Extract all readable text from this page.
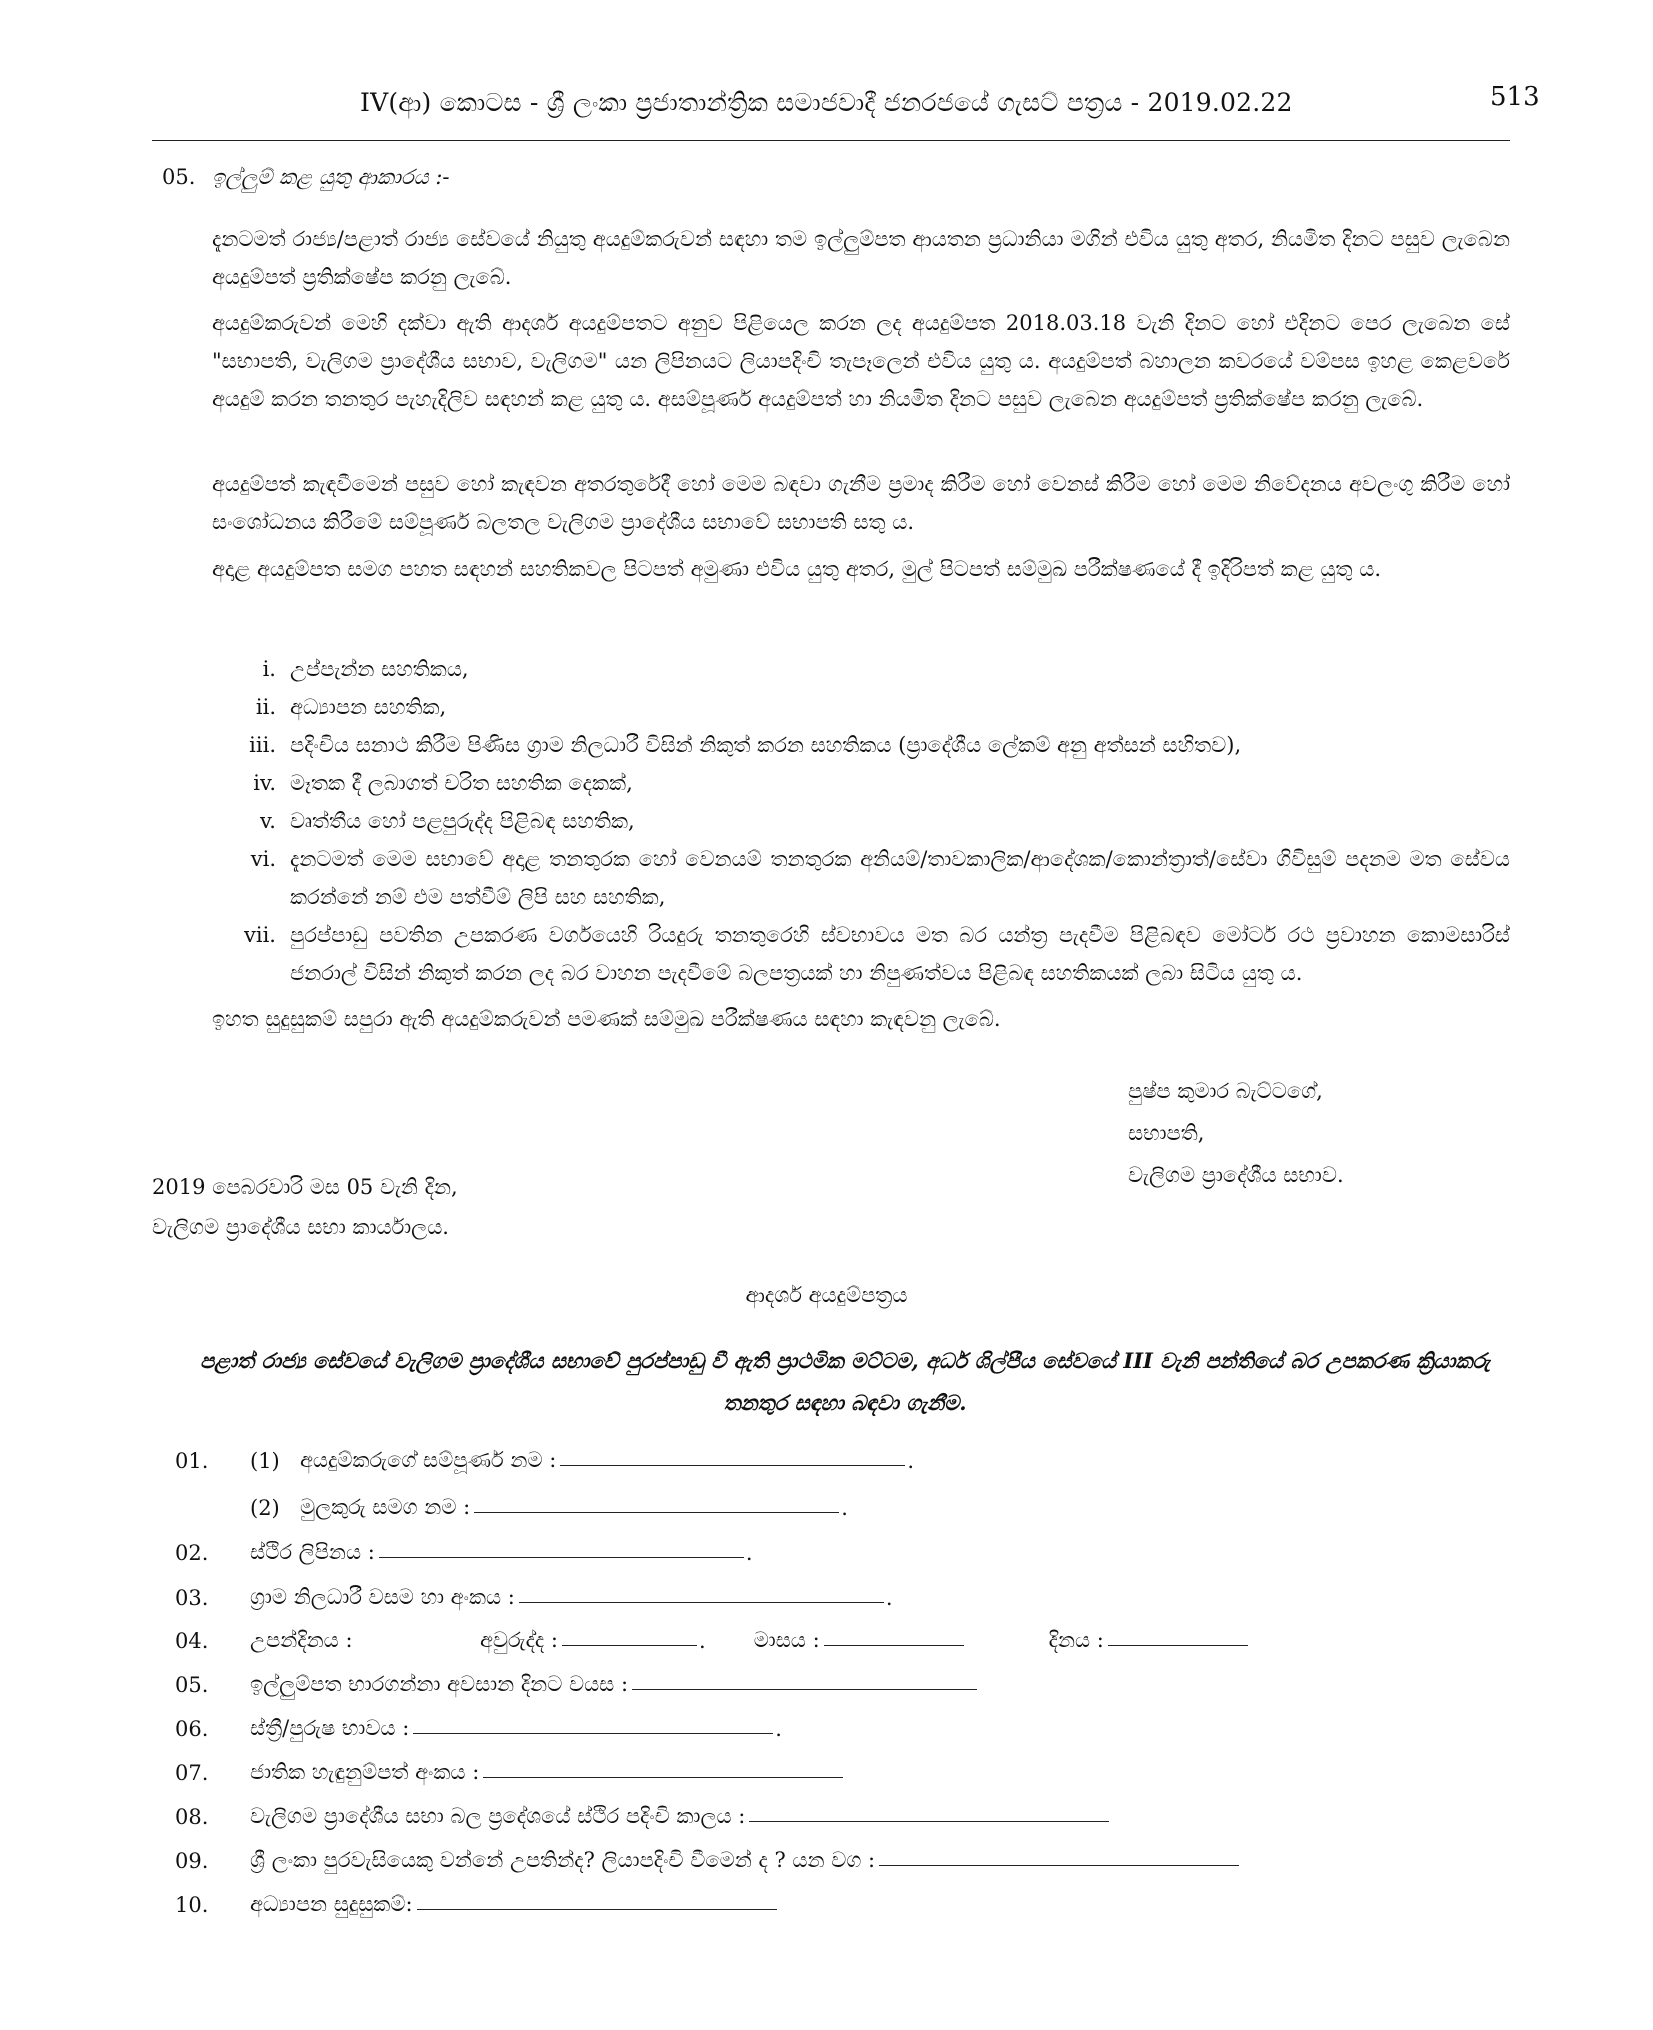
IV(ආ) කොටස - ශ්‍රී ලංකා ප්‍රජාතාන්ත්‍රික සමාජවාදී ජනරජයේ ගැසට් පත්‍රය - 2019.02.22	513
05. ඉල්ලුම් කළ යුතු ආකාරය :-
දැනටමත් රාජ්‍ය/පළාත් රාජ්‍ය සේවයේ නියුතු අයදුම්කරුවන් සඳහා තම ඉල්ලුම්පත ආයතන ප්‍රධානියා මගින් එවිය යුතු අතර, නියමිත දිනට පසුව ලැබෙන අයදුම්පත් ප්‍රතික්ෂේප කරනු ලැබේ.
අයදුම්කරුවන් මෙහි දක්වා ඇති ආදර්ශ අයදුම්පතට අනුව පිළියෙල කරන ලද අයදුම්පත 2018.03.18 වැනි දිනට හෝ එදිනට පෙර ලැබෙන සේ "සභාපති, වැලිගම ප්‍රාදේශීය සභාව, වැලිගම" යන ලිපිනයට ලියාපදිංචි තැපෑලෙන් එවිය යුතු ය. අයදුම්පත් බහාලන කවරයේ වම්පස ඉහළ කෙළවරේ අයදුම් කරන තනතුර පැහැදිලිව සඳහන් කළ යුතු ය. අසම්පූර්ණ අයදුම්පත් හා නියමිත දිනට පසුව ලැබෙන අයදුම්පත් ප්‍රතික්ෂේප කරනු ලැබේ.
අයදුම්පත් කැඳවීමෙන් පසුව හෝ කැඳවන අතරතුරේදී හෝ මෙම බඳවා ගැනීම ප්‍රමාද කිරීම හෝ වෙනස් කිරීම හෝ මෙම නිවේදනය අවලංගු කිරීම හෝ සංශෝධනය කිරීමේ සම්පූර්ණ බලතල වැලිගම ප්‍රාදේශීය සභාවේ සභාපති සතු ය.
අදාළ අයදුම්පත සමග පහත සඳහන් සහතිකවල පිටපත් අමුණා එවිය යුතු අතර, මුල් පිටපත් සම්මුඛ පරීක්ෂණයේ දී ඉදිරිපත් කළ යුතු ය.
i. උප්පැන්න සහතිකය,
ii. අධ්‍යාපන සහතික,
iii. පදිංචිය සනාථ කිරීම පිණිස ග්‍රාම නිලධාරී විසින් නිකුත් කරන සහතිකය (ප්‍රාදේශීය ලේකම් අනු අත්සන් සහිතව),
iv. මෑතක දී ලබාගත් චරිත සහතික දෙකක්,
v. වෘත්තීය හෝ පළපුරුද්ද පිළිබඳ සහතික,
vi. දැනටමත් මෙම සභාවේ අදාළ තනතුරක හෝ වෙනයම් තනතුරක අනියම්/තාවකාලික/ආදේශක/කොන්ත්‍රාත්/සේවා ගිවිසුම් පදනම මත සේවය කරන්නේ නම් එම පත්වීම් ලිපි සහ සහතික,
vii. පුරප්පාඩු පවතින උපකරණ වර්ගයෙහි රියදුරු තනතුරෙහි ස්වභාවය මත බර යන්ත්‍ර පැදවීම පිළිබඳව මෝටර් රථ ප්‍රවාහන කොමසාරිස් ජනරාල් විසින් නිකුත් කරන ලද බර වාහන පැදවීමේ බලපත්‍රයක් හා නිපුණත්වය පිළිබඳ සහතිකයක් ලබා සිටිය යුතු ය.
ඉහත සුදුසුකම් සපුරා ඇති අයදුම්කරුවන් පමණක් සම්මුඛ පරීක්ෂණය සඳහා කැඳවනු ලැබේ.
පුෂ්ප කුමාර බැට්ටගේ,
සභාපති,
වැලිගම ප්‍රාදේශීය සභාව.
2019 පෙබරවාරි මස 05 වැනි දින,
වැලිගම ප්‍රාදේශීය සභා කාර්යාලය.
ආදර්ශ අයදුම්පත්‍රය
පළාත් රාජ්‍ය සේවයේ වැලිගම ප්‍රාදේශීය සභාවේ පුරප්පාඩු වී ඇති ප්‍රාථමික මට්ටම, අර්ධ ශිල්පීය සේවයේ III වැනි පන්තියේ බර උපකරණ ක්‍රියාකරු තනතුර සඳහා බඳවා ගැනීම.
01.	(1) අයදුම්කරුගේ සම්පූර්ණ නම :	.
(2) මුලකුරු සමග නම :	.
02.	ස්ථිර ලිපිනය :	.
03.	ග්‍රාම නිලධාරී වසම හා අංකය :	.
04.	උපන්දිනය :	අවුරුද්ද :	. මාසය :	දිනය :
05.	ඉල්ලුම්පත භාරගන්නා අවසාන දිනට වයස :
06.	ස්ත්‍රී/පුරුෂ භාවය :	.
07.	ජාතික හැඳුනුම්පත් අංකය :
08.	වැලිගම ප්‍රාදේශීය සභා බල ප්‍රදේශයේ ස්ථිර පදිංචි කාලය :
09.	ශ්‍රී ලංකා පුරවැසියෙකු වන්නේ උපතින්ද? ලියාපදිංචි වීමෙන් ද ? යන වග :
10.	අධ්‍යාපන සුදුසුකම්:
